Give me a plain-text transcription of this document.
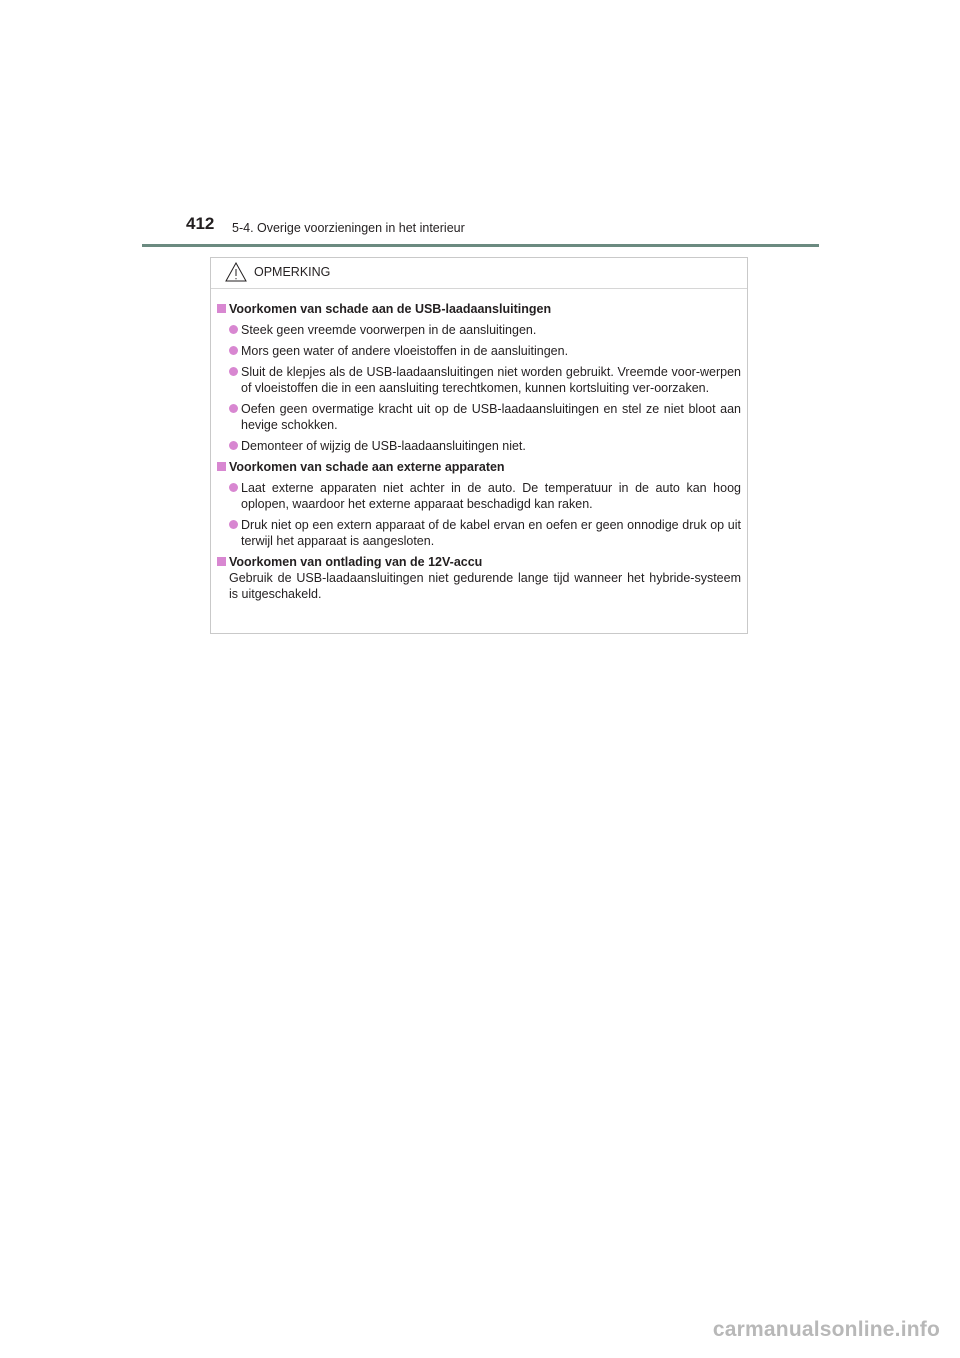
412 5-4. Overige voorzieningen in het interieur
OPMERKING
Voorkomen van schade aan de USB-laadaansluitingen
Steek geen vreemde voorwerpen in de aansluitingen.
Mors geen water of andere vloeistoffen in de aansluitingen.
Sluit de klepjes als de USB-laadaansluitingen niet worden gebruikt. Vreemde voor-werpen of vloeistoffen die in een aansluiting terechtkomen, kunnen kortsluiting ver-oorzaken.
Oefen geen overmatige kracht uit op de USB-laadaansluitingen en stel ze niet bloot aan hevige schokken.
Demonteer of wijzig de USB-laadaansluitingen niet.
Voorkomen van schade aan externe apparaten
Laat externe apparaten niet achter in de auto. De temperatuur in de auto kan hoog oplopen, waardoor het externe apparaat beschadigd kan raken.
Druk niet op een extern apparaat of de kabel ervan en oefen er geen onnodige druk op uit terwijl het apparaat is aangesloten.
Voorkomen van ontlading van de 12V-accu
Gebruik de USB-laadaansluitingen niet gedurende lange tijd wanneer het hybride-systeem is uitgeschakeld.
carmanualsonline.info
